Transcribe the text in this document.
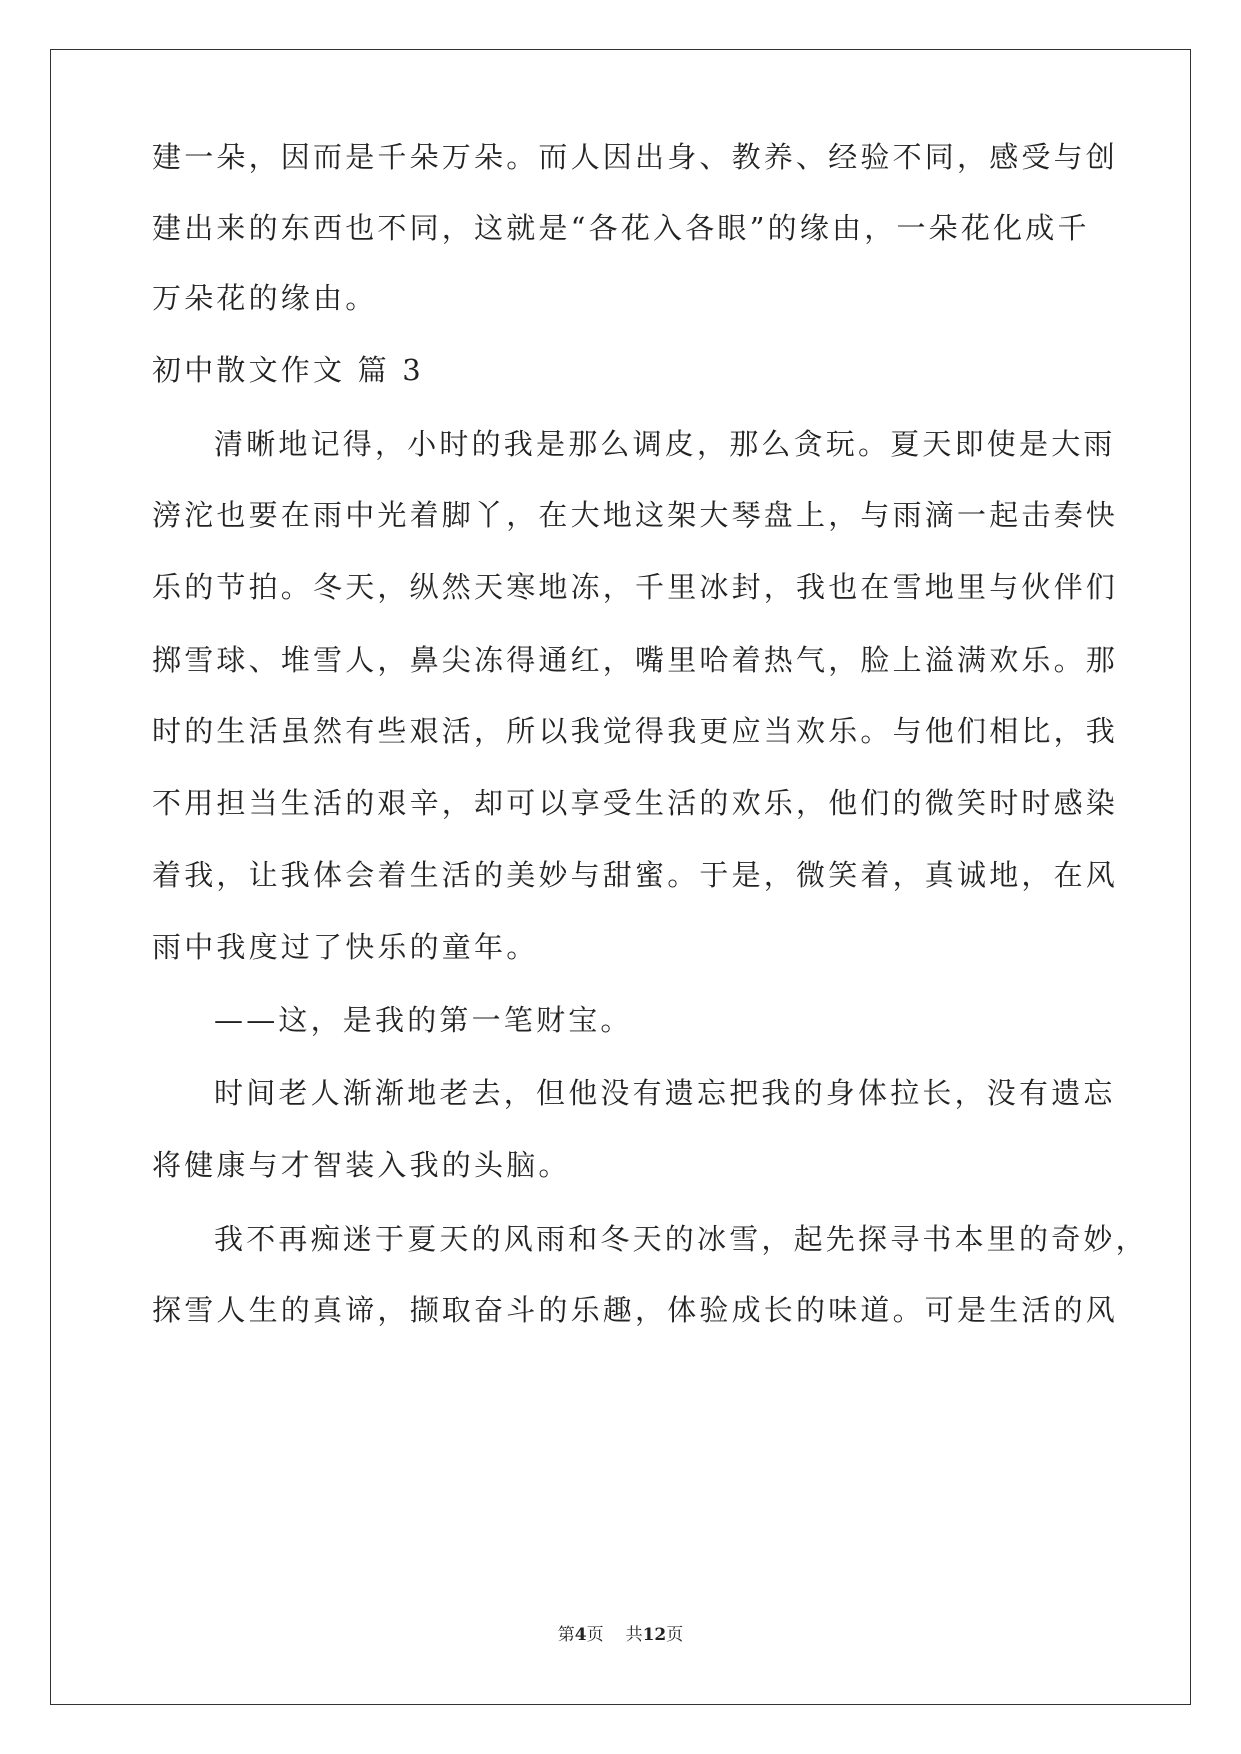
建一朵，因而是千朵万朵。而人因出身、教养、经验不同，感受与创
建出来的东西也不同，这就是“各花入各眼”的缘由，一朵花化成千
万朵花的缘由。
初中散文作文 篇 3
清晰地记得，小时的我是那么调皮，那么贪玩。夏天即使是大雨
滂沱也要在雨中光着脚丫，在大地这架大琴盘上，与雨滴一起击奏快
乐的节拍。冬天，纵然天寒地冻，千里冰封，我也在雪地里与伙伴们
掷雪球、堆雪人，鼻尖冻得通红，嘴里哈着热气，脸上溢满欢乐。那
时的生活虽然有些艰活，所以我觉得我更应当欢乐。与他们相比，我
不用担当生活的艰辛，却可以享受生活的欢乐，他们的微笑时时感染
着我，让我体会着生活的美妙与甜蜜。于是，微笑着，真诚地，在风
雨中我度过了快乐的童年。
——这，是我的第一笔财宝。
时间老人渐渐地老去，但他没有遗忘把我的身体拉长，没有遗忘
将健康与才智装入我的头脑。
我不再痴迷于夏天的风雨和冬天的冰雪，起先探寻书本里的奇妙，
探雪人生的真谛，撷取奋斗的乐趣，体验成长的味道。可是生活的风
第4页 共12页
